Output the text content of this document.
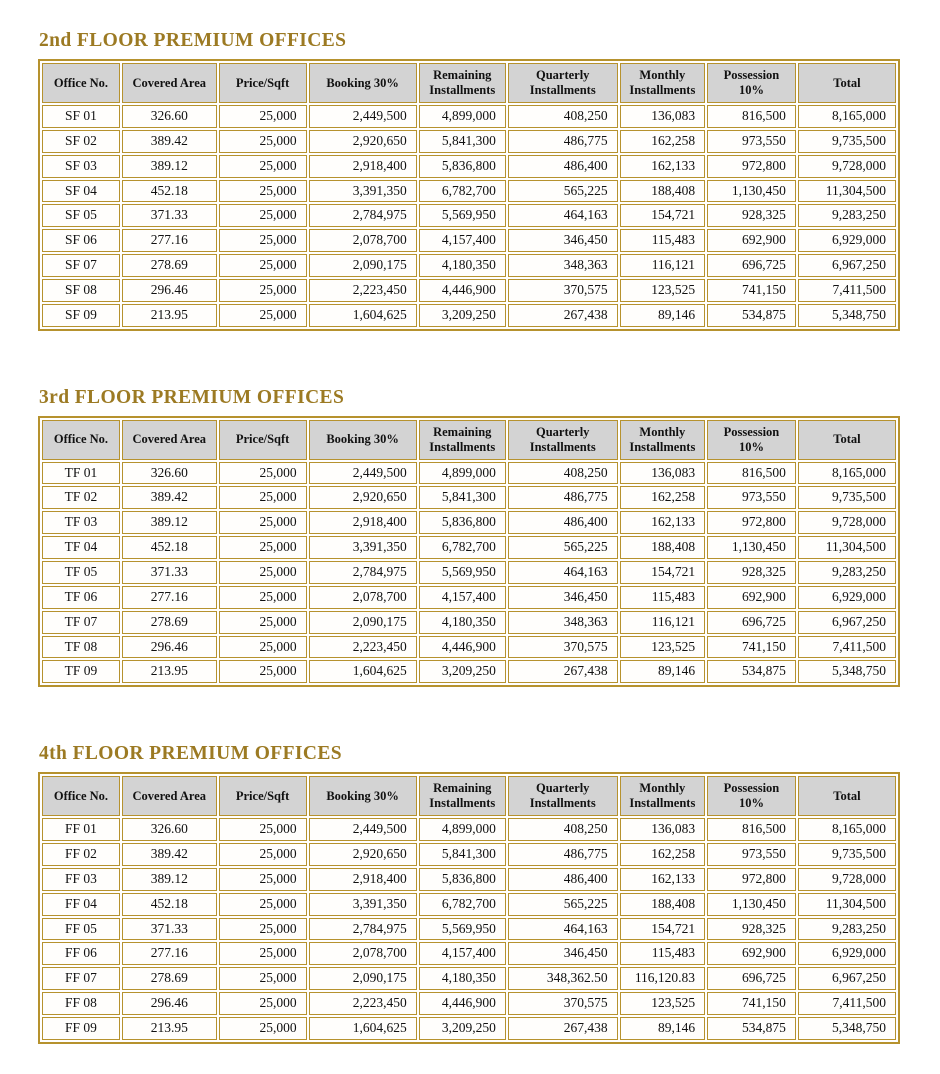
2nd FLOOR PREMIUM OFFICES
Office No.	Covered Area	Price/Sqft	Booking 30%	Remaining Installments	Quarterly Installments	Monthly Installments	Possession 10%	Total
SF 01	326.60	25,000	2,449,500	4,899,000	408,250	136,083	816,500	8,165,000
SF 02	389.42	25,000	2,920,650	5,841,300	486,775	162,258	973,550	9,735,500
SF 03	389.12	25,000	2,918,400	5,836,800	486,400	162,133	972,800	9,728,000
SF 04	452.18	25,000	3,391,350	6,782,700	565,225	188,408	1,130,450	11,304,500
SF 05	371.33	25,000	2,784,975	5,569,950	464,163	154,721	928,325	9,283,250
SF 06	277.16	25,000	2,078,700	4,157,400	346,450	115,483	692,900	6,929,000
SF 07	278.69	25,000	2,090,175	4,180,350	348,363	116,121	696,725	6,967,250
SF 08	296.46	25,000	2,223,450	4,446,900	370,575	123,525	741,150	7,411,500
SF 09	213.95	25,000	1,604,625	3,209,250	267,438	89,146	534,875	5,348,750
3rd FLOOR PREMIUM OFFICES
Office No.	Covered Area	Price/Sqft	Booking 30%	Remaining Installments	Quarterly Installments	Monthly Installments	Possession 10%	Total
TF 01	326.60	25,000	2,449,500	4,899,000	408,250	136,083	816,500	8,165,000
TF 02	389.42	25,000	2,920,650	5,841,300	486,775	162,258	973,550	9,735,500
TF 03	389.12	25,000	2,918,400	5,836,800	486,400	162,133	972,800	9,728,000
TF 04	452.18	25,000	3,391,350	6,782,700	565,225	188,408	1,130,450	11,304,500
TF 05	371.33	25,000	2,784,975	5,569,950	464,163	154,721	928,325	9,283,250
TF 06	277.16	25,000	2,078,700	4,157,400	346,450	115,483	692,900	6,929,000
TF 07	278.69	25,000	2,090,175	4,180,350	348,363	116,121	696,725	6,967,250
TF 08	296.46	25,000	2,223,450	4,446,900	370,575	123,525	741,150	7,411,500
TF 09	213.95	25,000	1,604,625	3,209,250	267,438	89,146	534,875	5,348,750
4th FLOOR PREMIUM OFFICES
Office No.	Covered Area	Price/Sqft	Booking 30%	Remaining Installments	Quarterly Installments	Monthly Installments	Possession 10%	Total
FF 01	326.60	25,000	2,449,500	4,899,000	408,250	136,083	816,500	8,165,000
FF 02	389.42	25,000	2,920,650	5,841,300	486,775	162,258	973,550	9,735,500
FF 03	389.12	25,000	2,918,400	5,836,800	486,400	162,133	972,800	9,728,000
FF 04	452.18	25,000	3,391,350	6,782,700	565,225	188,408	1,130,450	11,304,500
FF 05	371.33	25,000	2,784,975	5,569,950	464,163	154,721	928,325	9,283,250
FF 06	277.16	25,000	2,078,700	4,157,400	346,450	115,483	692,900	6,929,000
FF 07	278.69	25,000	2,090,175	4,180,350	348,362.50	116,120.83	696,725	6,967,250
FF 08	296.46	25,000	2,223,450	4,446,900	370,575	123,525	741,150	7,411,500
FF 09	213.95	25,000	1,604,625	3,209,250	267,438	89,146	534,875	5,348,750
